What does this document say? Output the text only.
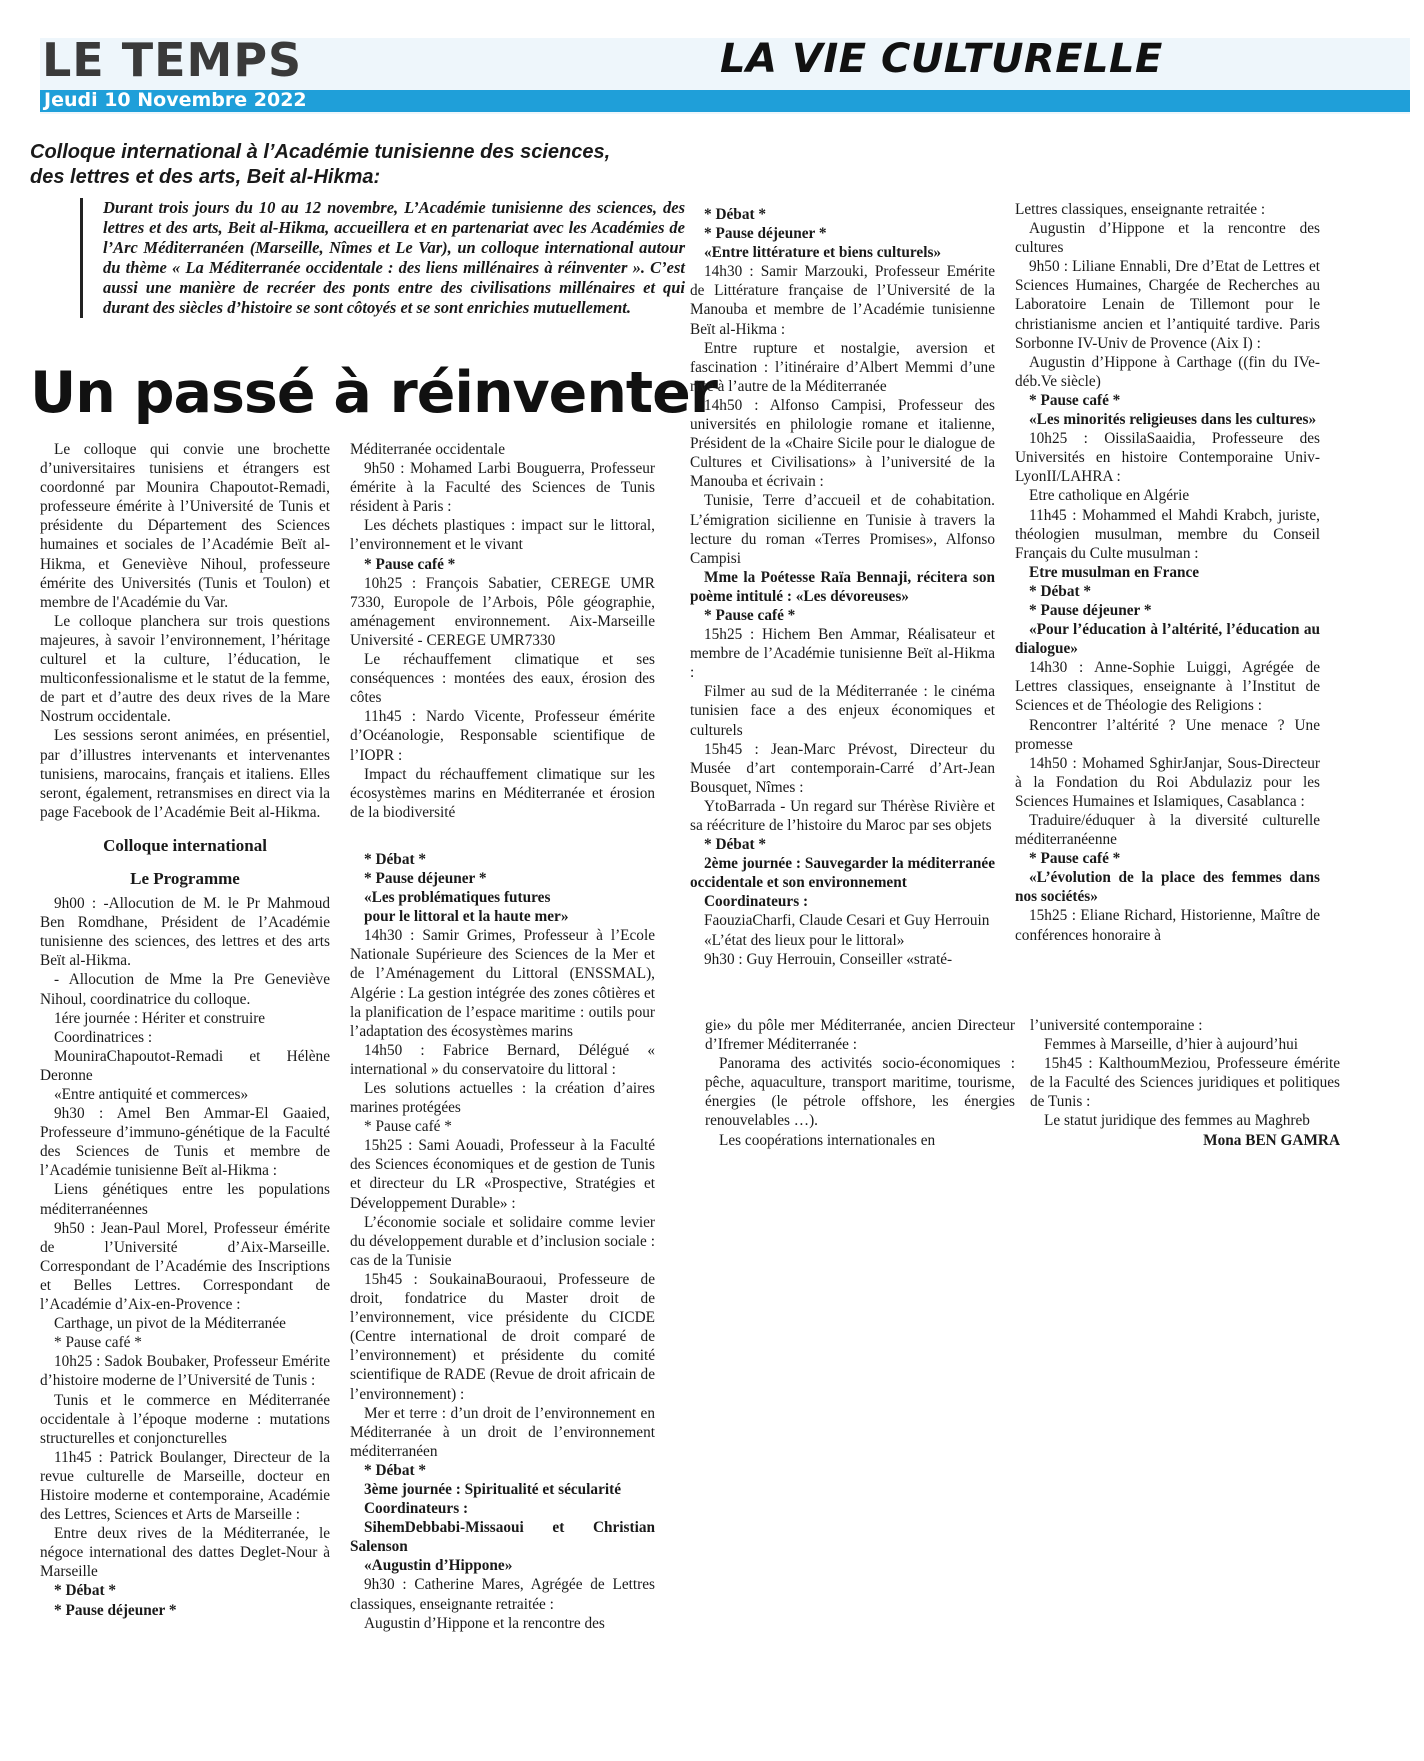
LE TEMPS
Jeudi 10 Novembre 2022
LA VIE CULTURELLE
Colloque international à l’Académie tunisienne des sciences, des lettres et des arts, Beit al-Hikma:
Durant trois jours du 10 au 12 novembre, L’Académie tunisienne des sciences, des lettres et des arts, Beit al-Hikma, accueillera et en partenariat avec les Académies de l’Arc Méditerranéen (Marseille, Nîmes et Le Var), un colloque international autour du thème « La Méditerranée occidentale : des liens millénaires à réinventer ». C’est aussi une manière de recréer des ponts entre des civilisations millénaires et qui durant des siècles d’histoire se sont côtoyés et se sont enrichies mutuellement.
Un passé à réinventer

Le colloque qui convie une brochette d’universitaires tunisiens et étrangers est coordonné par Mounira Chapoutot-Remadi, professeure émérite à l’Université de Tunis et présidente du Département des Sciences humaines et sociales de l’Académie Beït al-Hikma, et Geneviève Nihoul, professeure émérite des Universités (Tunis et Toulon) et membre de l'Académie du Var.

Le colloque planchera sur trois questions majeures, à savoir l’environnement, l’héritage culturel et la culture, l’éducation, le multiconfessionalisme et le statut de la femme, de part et d’autre des deux rives de la Mare Nostrum occidentale.

Les sessions seront animées, en présentiel, par d’illustres intervenants et intervenantes tunisiens, marocains, français et italiens. Elles seront, également, retransmises en direct via la page Facebook de l’Académie Beit al-Hikma.

Colloque international

Le Programme

9h00 : -Allocution de M. le Pr Mahmoud Ben Romdhane, Président de l’Académie tunisienne des sciences, des lettres et des arts Beït al-Hikma.

- Allocution de Mme la Pre Geneviève Nihoul, coordinatrice du colloque.

1ére journée : Hériter et construire

Coordinatrices :

MouniraChapoutot-Remadi et Hélène Deronne

«Entre antiquité et commerces»

9h30 : Amel Ben Ammar-El Gaaied, Professeure d’immuno-génétique de la Faculté des Sciences de Tunis et membre de l’Académie tunisienne Beït al-Hikma :

Liens génétiques entre les populations méditerranéennes

9h50 : Jean-Paul Morel, Professeur émérite de l’Université d’Aix-Marseille. Correspondant de l’Académie des Inscriptions et Belles Lettres. Correspondant de l’Académie d’Aix-en-Provence :

Carthage, un pivot de la Méditerranée

* Pause café *

10h25 : Sadok Boubaker, Professeur Emérite d’histoire moderne de l’Université de Tunis :

Tunis et le commerce en Méditerranée occidentale à l’époque moderne : mutations structurelles et conjoncturelles

11h45 : Patrick Boulanger, Directeur de la revue culturelle de Marseille, docteur en Histoire moderne et contemporaine, Académie des Lettres, Sciences et Arts de Marseille :

Entre deux rives de la Méditerranée, le négoce international des dattes Deglet-Nour à Marseille

* Débat *

* Pause déjeuner *

Méditerranée occidentale

9h50 : Mohamed Larbi Bouguerra, Professeur émérite à la Faculté des Sciences de Tunis résident à Paris :

Les déchets plastiques : impact sur le littoral, l’environnement et le vivant

* Pause café *

10h25 : François Sabatier, CEREGE UMR 7330, Europole de l’Arbois, Pôle géographie, aménagement environnement. Aix-Marseille Université - CEREGE UMR7330

Le réchauffement climatique et ses conséquences : montées des eaux, érosion des côtes

11h45 : Nardo Vicente, Professeur émérite d’Océanologie, Responsable scientifique de l’IOPR :

Impact du réchauffement climatique sur les écosystèmes marins en Méditerranée et érosion de la biodiversité

* Débat *

* Pause déjeuner *

«Les problématiques futures

pour le littoral et la haute mer»

14h30 : Samir Grimes, Professeur à l’Ecole Nationale Supérieure des Sciences de la Mer et de l’Aménagement du Littoral (ENSSMAL), Algérie : La gestion intégrée des zones côtières et la planification de l’espace maritime : outils pour l’adaptation des écosystèmes marins

14h50 : Fabrice Bernard, Délégué « international » du conservatoire du littoral :

Les solutions actuelles : la création d’aires marines protégées

* Pause café *

15h25 : Sami Aouadi, Professeur à la Faculté des Sciences économiques et de gestion de Tunis et directeur du LR «Prospective, Stratégies et Développement Durable» :

L’économie sociale et solidaire comme levier du développement durable et d’inclusion sociale : cas de la Tunisie

15h45 : SoukainaBouraoui, Professeure de droit, fondatrice du Master droit de l’environnement, vice présidente du CICDE (Centre international de droit comparé de l’environnement) et présidente du comité scientifique de RADE (Revue de droit africain de l’environnement) :

Mer et terre : d’un droit de l’environnement en Méditerranée à un droit de l’environnement méditerranéen

* Débat *

3ème journée : Spiritualité et sécularité

Coordinateurs :

SihemDebbabi-Missaoui et Christian Salenson

«Augustin d’Hippone»

9h30 : Catherine Mares, Agrégée de Lettres classiques, enseignante retraitée :

Augustin d’Hippone et la rencontre des

* Débat *

* Pause déjeuner *

«Entre littérature et biens culturels»

14h30 : Samir Marzouki, Professeur Emérite de Littérature française de l’Université de la Manouba et membre de l’Académie tunisienne Beït al-Hikma :

Entre rupture et nostalgie, aversion et fascination : l’itinéraire d’Albert Memmi d’une rive à l’autre de la Méditerranée

14h50 : Alfonso Campisi, Professeur des universités en philologie romane et italienne, Président de la «Chaire Sicile pour le dialogue de Cultures et Civilisations» à l’université de la Manouba et écrivain :

Tunisie, Terre d’accueil et de cohabitation. L’émigration sicilienne en Tunisie à travers la lecture du roman «Terres Promises», Alfonso Campisi

Mme la Poétesse Raïa Bennaji, récitera son poème intitulé : «Les dévoreuses»

* Pause café *

15h25 : Hichem Ben Ammar, Réalisateur et membre de l’Académie tunisienne Beït al-Hikma :

Filmer au sud de la Méditerranée : le cinéma tunisien face a des enjeux économiques et culturels

15h45 : Jean-Marc Prévost, Directeur du Musée d’art contemporain-Carré d’Art-Jean Bousquet, Nîmes :

YtoBarrada - Un regard sur Thérèse Rivière et sa réécriture de l’histoire du Maroc par ses objets

* Débat *

2ème journée : Sauvegarder la méditerranée occidentale et son environnement

Coordinateurs :

FaouziaCharfi, Claude Cesari et Guy Herrouin

«L’état des lieux pour le littoral»

9h30 : Guy Herrouin, Conseiller «straté-

gie» du pôle mer Méditerranée, ancien Directeur d’Ifremer Méditerranée :

Panorama des activités socio-économiques : pêche, aquaculture, transport maritime, tourisme, énergies (le pétrole offshore, les énergies renouvelables …).

Les coopérations internationales en

Lettres classiques, enseignante retraitée :

Augustin d’Hippone et la rencontre des cultures

9h50 : Liliane Ennabli, Dre d’Etat de Lettres et Sciences Humaines, Chargée de Recherches au Laboratoire Lenain de Tillemont pour le christianisme ancien et l’antiquité tardive. Paris Sorbonne IV-Univ de Provence (Aix I) :

Augustin d’Hippone à Carthage ((fin du IVe-déb.Ve siècle)

* Pause café *

«Les minorités religieuses dans les cultures»

10h25 : OissilaSaaidia, Professeure des Universités en histoire Contemporaine Univ-LyonII/LAHRA :

Etre catholique en Algérie

11h45 : Mohammed el Mahdi Krabch, juriste, théologien musulman, membre du Conseil Français du Culte musulman :

Etre musulman en France

* Débat *

* Pause déjeuner *

«Pour l’éducation à l’altérité, l’éducation au dialogue»

14h30 : Anne-Sophie Luiggi, Agrégée de Lettres classiques, enseignante à l’Institut de Sciences et de Théologie des Religions :

Rencontrer l’altérité ? Une menace ? Une promesse

14h50 : Mohamed SghirJanjar, Sous-Directeur à la Fondation du Roi Abdulaziz pour les Sciences Humaines et Islamiques, Casablanca :

Traduire/éduquer à la diversité culturelle méditerranéenne

* Pause café *

«L’évolution de la place des femmes dans nos sociétés»

15h25 : Eliane Richard, Historienne, Maître de conférences honoraire à

l’université contemporaine :

Femmes à Marseille, d’hier à aujourd’hui

15h45 : KalthoumMeziou, Professeure émérite de la Faculté des Sciences juridiques et politiques de Tunis :

Le statut juridique des femmes au Maghreb

Mona BEN GAMRA
